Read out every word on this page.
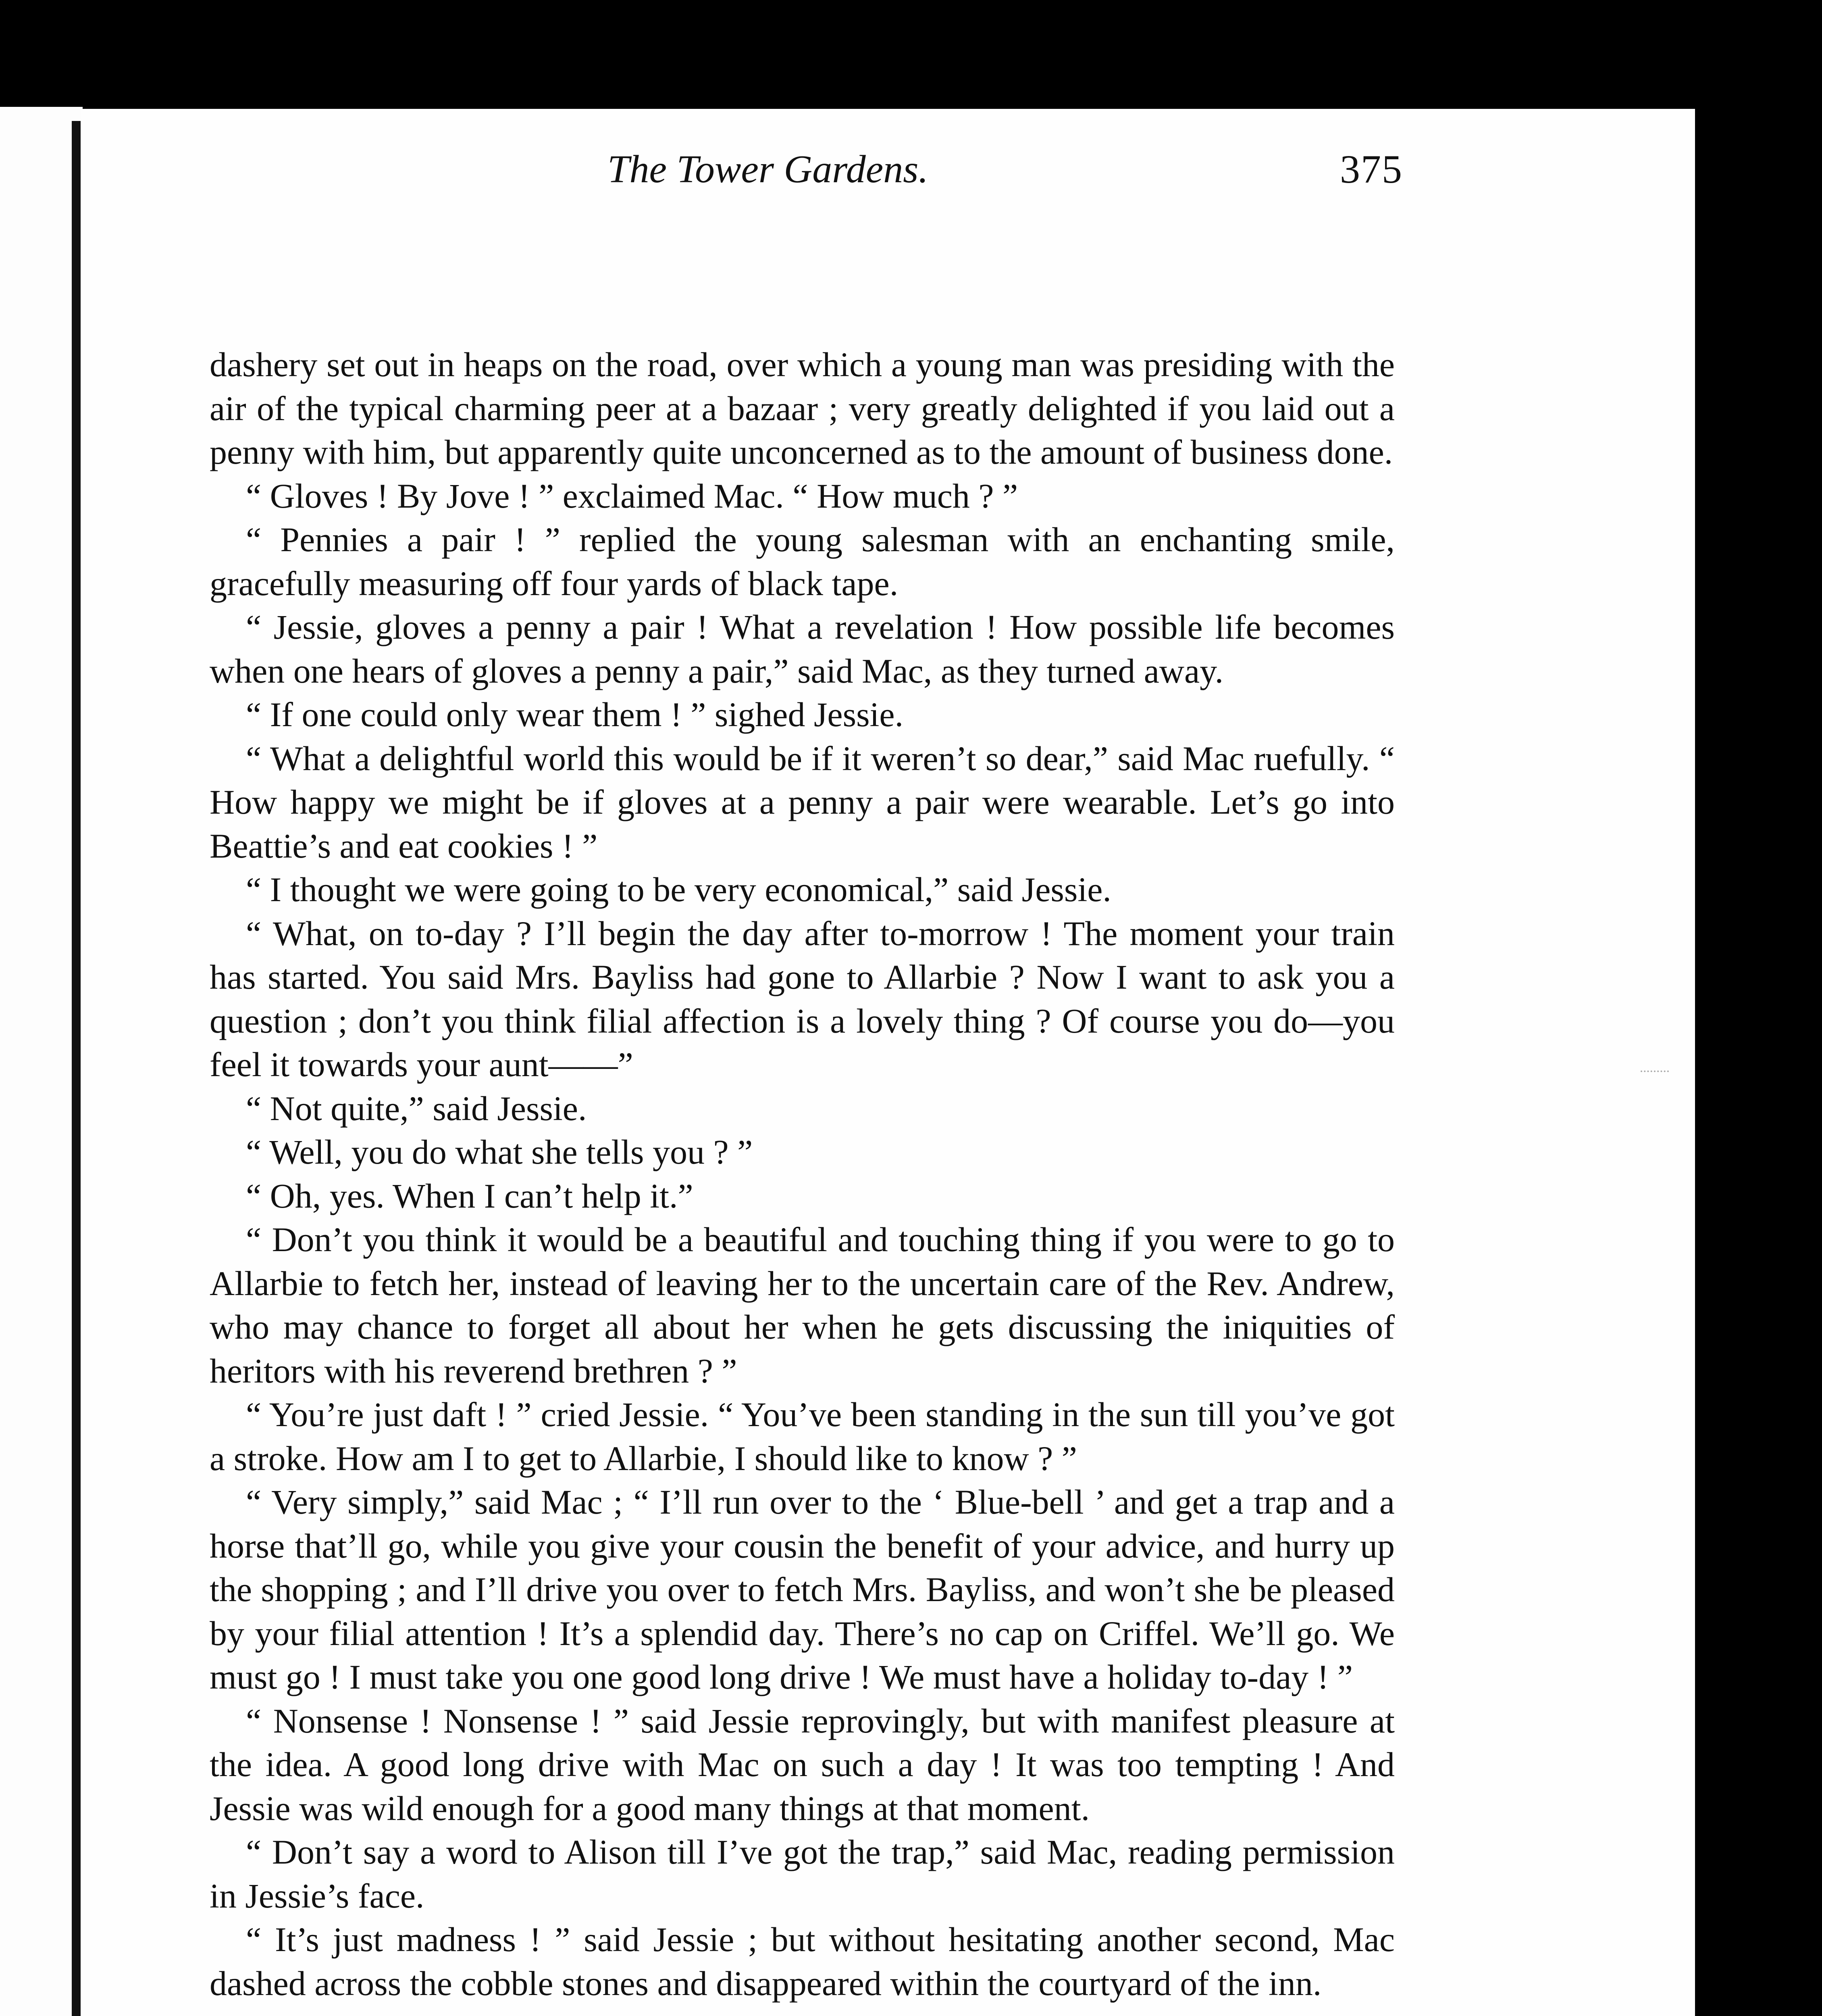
The Tower Gardens.	375

dashery set out in heaps on the road, over which a young man was presiding with the air of the typical charming peer at a bazaar ; very greatly delighted if you laid out a penny with him, but apparently quite unconcerned as to the amount of business done.

“ Gloves ! By Jove ! ” exclaimed Mac. “ How much ? ”

“ Pennies a pair ! ” replied the young salesman with an enchanting smile, gracefully measuring off four yards of black tape.

“ Jessie, gloves a penny a pair ! What a revelation ! How possible life becomes when one hears of gloves a penny a pair,” said Mac, as they turned away.

“ If one could only wear them ! ” sighed Jessie.

“ What a delightful world this would be if it weren’t so dear,” said Mac ruefully. “ How happy we might be if gloves at a penny a pair were wearable. Let’s go into Beattie’s and eat cookies ! ”

“ I thought we were going to be very economical,” said Jessie.

“ What, on to-day ? I’ll begin the day after to-morrow ! The moment your train has started. You said Mrs. Bayliss had gone to Allarbie ? Now I want to ask you a question ; don’t you think filial affection is a lovely thing ? Of course you do—you feel it towards your aunt——”

“ Not quite,” said Jessie.

“ Well, you do what she tells you ? ”

“ Oh, yes. When I can’t help it.”

“ Don’t you think it would be a beautiful and touching thing if you were to go to Allarbie to fetch her, instead of leaving her to the uncertain care of the Rev. Andrew, who may chance to forget all about her when he gets discussing the iniquities of heritors with his reverend brethren ? ”

“ You’re just daft ! ” cried Jessie. “ You’ve been standing in the sun till you’ve got a stroke. How am I to get to Allarbie, I should like to know ? ”

“ Very simply,” said Mac ; “ I’ll run over to the ‘ Blue-bell ’ and get a trap and a horse that’ll go, while you give your cousin the benefit of your advice, and hurry up the shopping ; and I’ll drive you over to fetch Mrs. Bayliss, and won’t she be pleased by your filial attention ! It’s a splendid day. There’s no cap on Criffel. We’ll go. We must go ! I must take you one good long drive ! We must have a holiday to-day ! ”

“ Nonsense ! Nonsense ! ” said Jessie reprovingly, but with manifest pleasure at the idea. A good long drive with Mac on such a day ! It was too tempting ! And Jessie was wild enough for a good many things at that moment.

“ Don’t say a word to Alison till I’ve got the trap,” said Mac, reading permission in Jessie’s face.

“ It’s just madness ! ” said Jessie ; but without hesitating another second, Mac dashed across the cobble stones and disappeared within the courtyard of the inn.
